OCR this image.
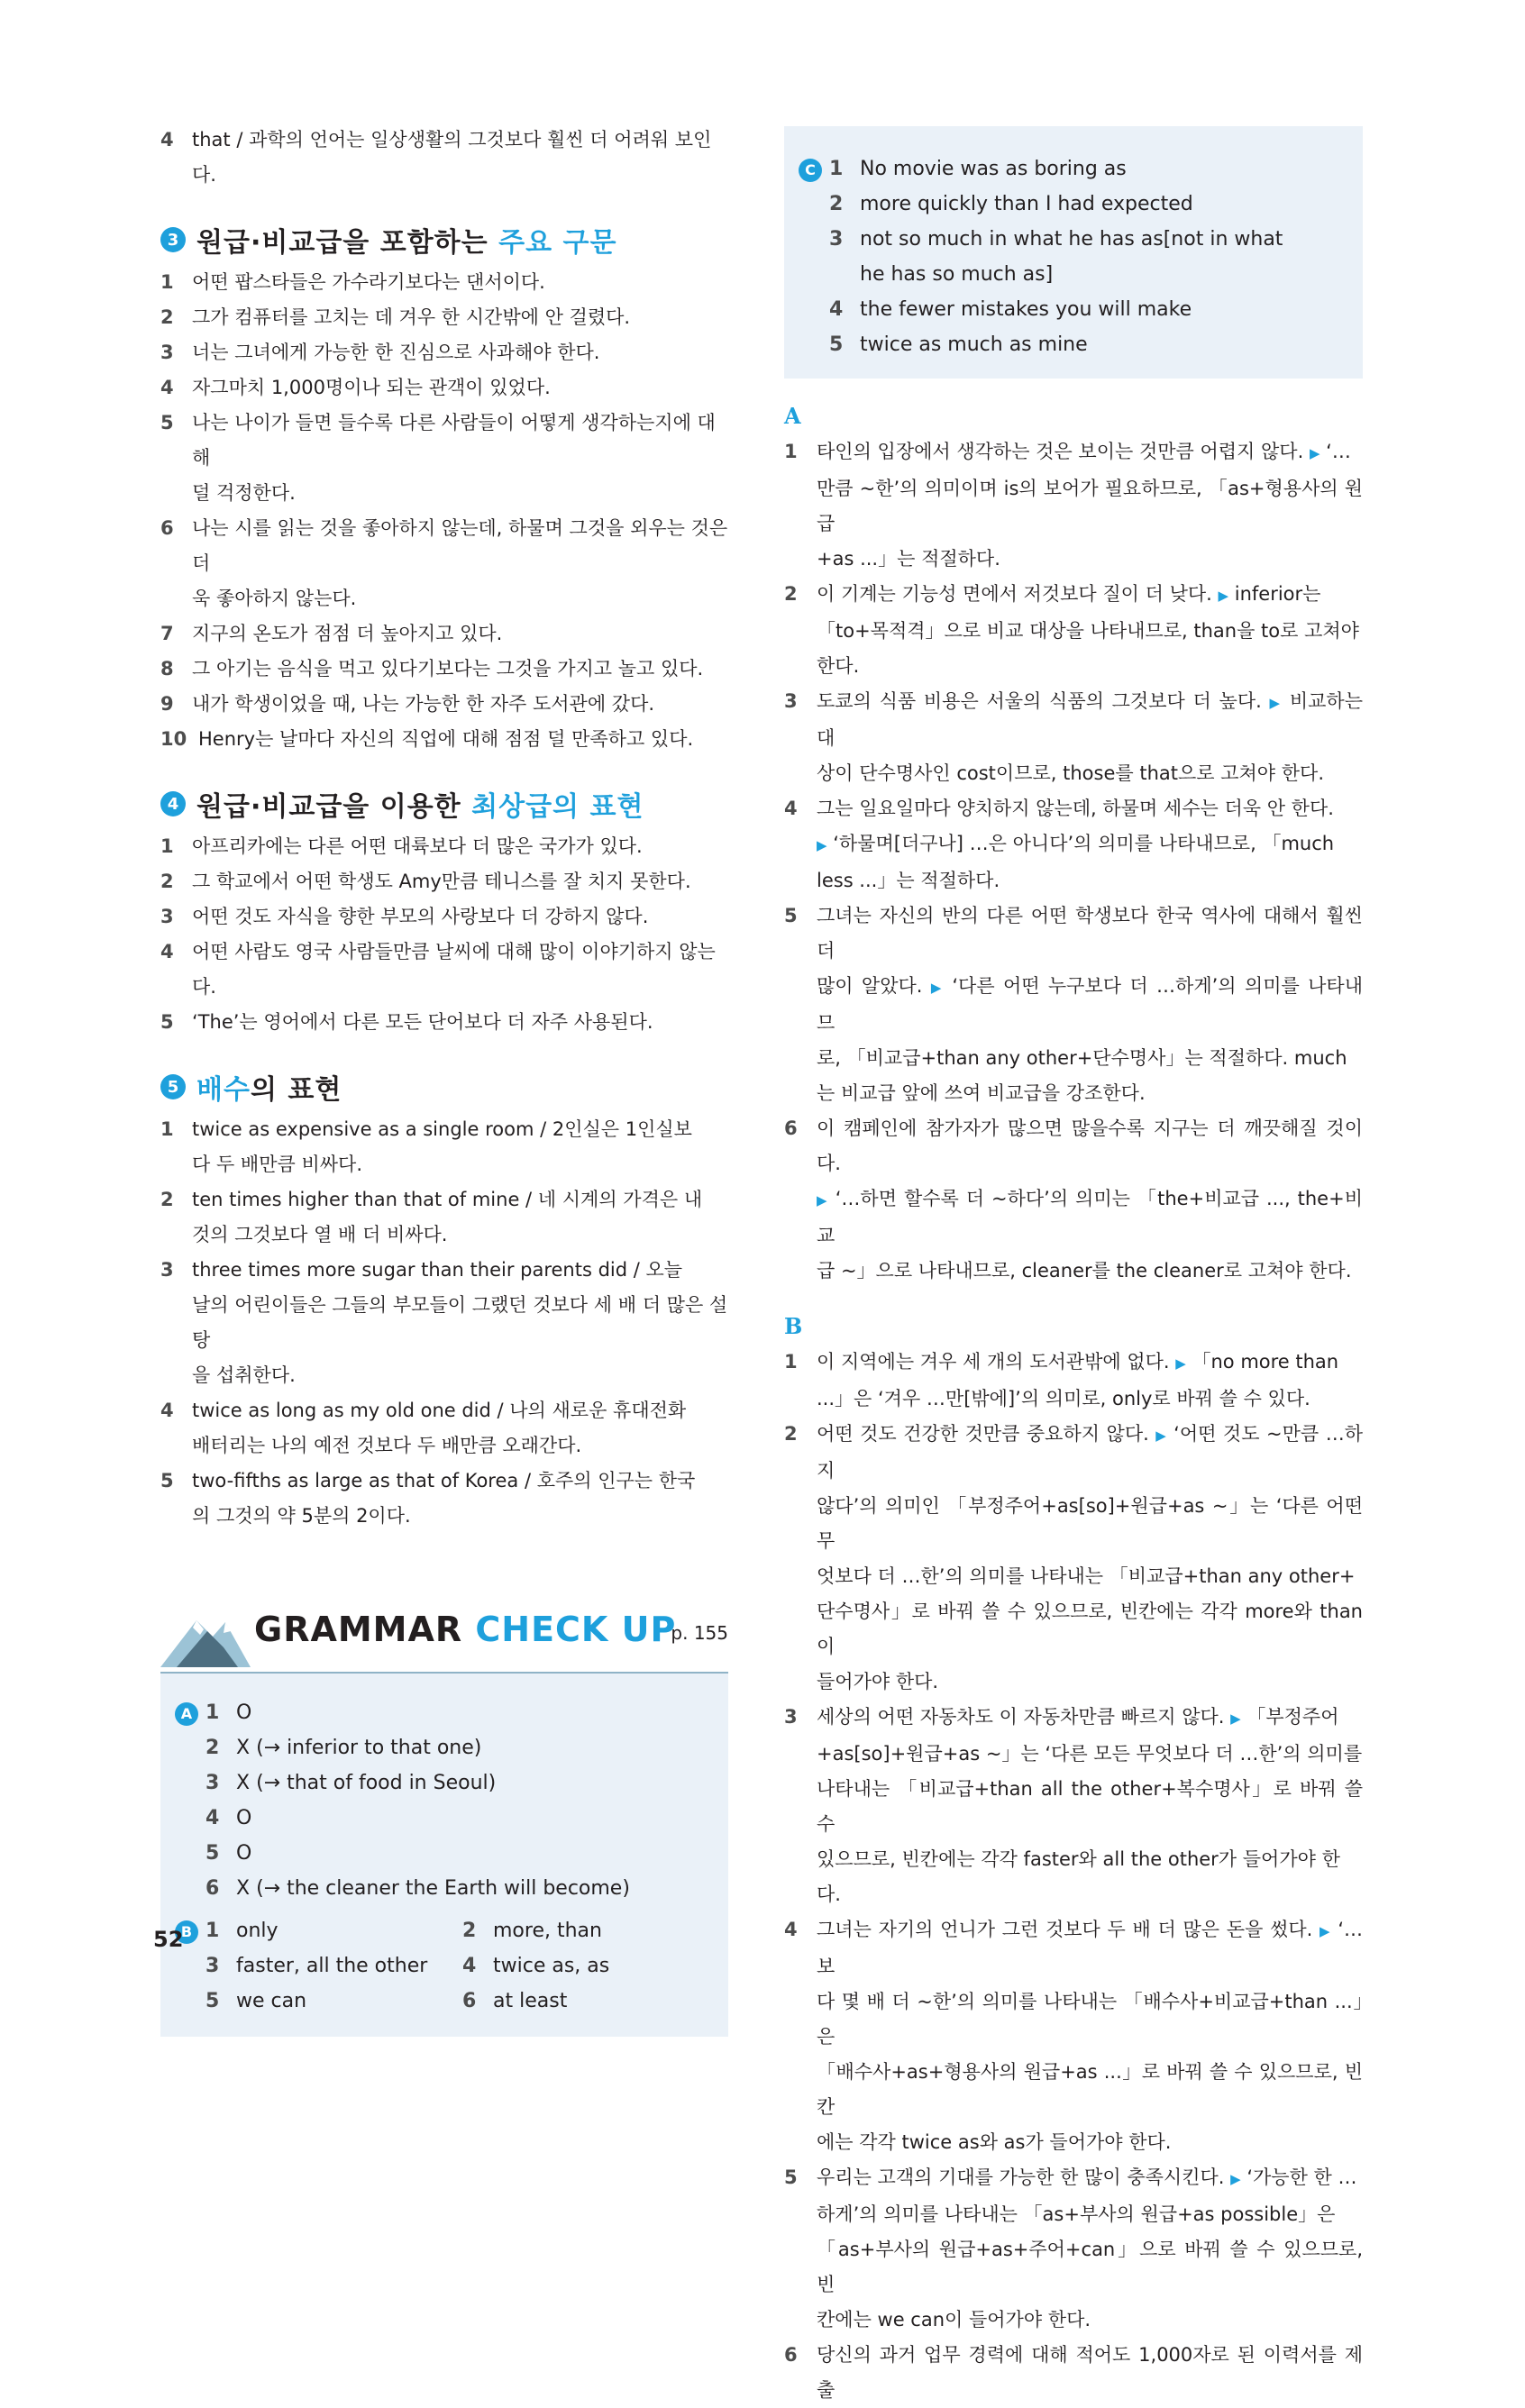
4 that / 과학의 언어는 일상생활의 그것보다 훨씬 더 어려워 보인다.
3 원급·비교급을 포함하는 주요 구문
1 어떤 팝스타들은 가수라기보다는 댄서이다.
2 그가 컴퓨터를 고치는 데 겨우 한 시간밖에 안 걸렸다.
3 너는 그녀에게 가능한 한 진심으로 사과해야 한다.
4 자그마치 1,000명이나 되는 관객이 있었다.
5 나는 나이가 들면 들수록 다른 사람들이 어떻게 생각하는지에 대해
덜 걱정한다.
6 나는 시를 읽는 것을 좋아하지 않는데, 하물며 그것을 외우는 것은 더
욱 좋아하지 않는다.
7 지구의 온도가 점점 더 높아지고 있다.
8 그 아기는 음식을 먹고 있다기보다는 그것을 가지고 놀고 있다.
9 내가 학생이었을 때, 나는 가능한 한 자주 도서관에 갔다.
10 Henry는 날마다 자신의 직업에 대해 점점 덜 만족하고 있다.
4 원급·비교급을 이용한 최상급의 표현
1 아프리카에는 다른 어떤 대륙보다 더 많은 국가가 있다.
2 그 학교에서 어떤 학생도 Amy만큼 테니스를 잘 치지 못한다.
3 어떤 것도 자식을 향한 부모의 사랑보다 더 강하지 않다.
4 어떤 사람도 영국 사람들만큼 날씨에 대해 많이 이야기하지 않는다.
5 ‘The’는 영어에서 다른 모든 단어보다 더 자주 사용된다.
5 배수의 표현
1 twice as expensive as a single room / 2인실은 1인실보
다 두 배만큼 비싸다.
2 ten times higher than that of mine / 네 시계의 가격은 내
것의 그것보다 열 배 더 비싸다.
3 three times more sugar than their parents did / 오늘
날의 어린이들은 그들의 부모들이 그랬던 것보다 세 배 더 많은 설탕
을 섭취한다.
4 twice as long as my old one did / 나의 새로운 휴대전화
배터리는 나의 예전 것보다 두 배만큼 오래간다.
5 two-fifths as large as that of Korea / 호주의 인구는 한국
의 그것의 약 5분의 2이다.
GRAMMAR CHECK UP
p. 155
A 1 O
2 X (→ inferior to that one)
3 X (→ that of food in Seoul)
4 O
5 O
6 X (→ the cleaner the Earth will become)
B 1 only	2 more, than
3 faster, all the other 4 twice as, as
5 we can	6 at least
52
C 1 No movie was as boring as
2 more quickly than I had expected
3 not so much in what he has as[not in what
he has so much as]
4 the fewer mistakes you will make
5 twice as much as mine
A
1	타인의 입장에서 생각하는 것은 보이는 것만큼 어렵지 않다. ▶ ‘…
만큼 ~한’의 의미이며 is의 보어가 필요하므로, 「as+형용사의 원급
+as ...」는 적절하다.
2	이 기계는 기능성 면에서 저것보다 질이 더 낮다. ▶ inferior는
「to+목적격」으로 비교 대상을 나타내므로, than을 to로 고쳐야
한다.
3	도쿄의 식품 비용은 서울의 식품의 그것보다 더 높다. ▶ 비교하는 대
상이 단수명사인 cost이므로, those를 that으로 고쳐야 한다.
4	그는 일요일마다 양치하지 않는데, 하물며 세수는 더욱 안 한다.
▶ ‘하물며[더구나] …은 아니다’의 의미를 나타내므로, 「much
less ...」는 적절하다.
5	그녀는 자신의 반의 다른 어떤 학생보다 한국 역사에 대해서 훨씬 더
많이 알았다. ▶ ‘다른 어떤 누구보다 더 …하게’의 의미를 나타내 므
로, 「비교급+than any other+단수명사」는 적절하다. much
는 비교급 앞에 쓰여 비교급을 강조한다.
6	이 캠페인에 참가자가 많으면 많을수록 지구는 더 깨끗해질 것이다.
▶ ‘…하면 할수록 더 ~하다’의 의미는 「the+비교급 ..., the+비교
급 ~」으로 나타내므로, cleaner를 the cleaner로 고쳐야 한다.
B
1	이 지역에는 겨우 세 개의 도서관밖에 없다. ▶ 「no more than
...」은 ‘겨우 …만[밖에]’의 의미로, only로 바꿔 쓸 수 있다.
2	어떤 것도 건강한 것만큼 중요하지 않다. ▶ ‘어떤 것도 ~만큼 …하지
않다’의 의미인 「부정주어+as[so]+원급+as ~」는 ‘다른 어떤 무
엇보다 더 …한’의 의미를 나타내는 「비교급+than any other+
단수명사」로 바꿔 쓸 수 있으므로, 빈칸에는 각각 more와 than이
들어가야 한다.
3	세상의 어떤 자동차도 이 자동차만큼 빠르지 않다. ▶ 「부정주어
+as[so]+원급+as ~」는 ‘다른 모든 무엇보다 더 …한’의 의미를
나타내는 「비교급+than all the other+복수명사」로 바꿔 쓸 수
있으므로, 빈칸에는 각각 faster와 all the other가 들어가야 한
다.
4	그녀는 자기의 언니가 그런 것보다 두 배 더 많은 돈을 썼다. ▶ ‘…보
다 몇 배 더 ~한’의 의미를 나타내는 「배수사+비교급+than ...」은
「배수사+as+형용사의 원급+as ...」로 바꿔 쓸 수 있으므로, 빈칸
에는 각각 twice as와 as가 들어가야 한다.
5	우리는 고객의 기대를 가능한 한 많이 충족시킨다. ▶ ‘가능한 한 …
하게’의 의미를 나타내는 「as+부사의 원급+as possible」은
「as+부사의 원급+as+주어+can」으로 바꿔 쓸 수 있으므로, 빈
칸에는 we can이 들어가야 한다.
6	당신의 과거 업무 경력에 대해 적어도 1,000자로 된 이력서를 제출
